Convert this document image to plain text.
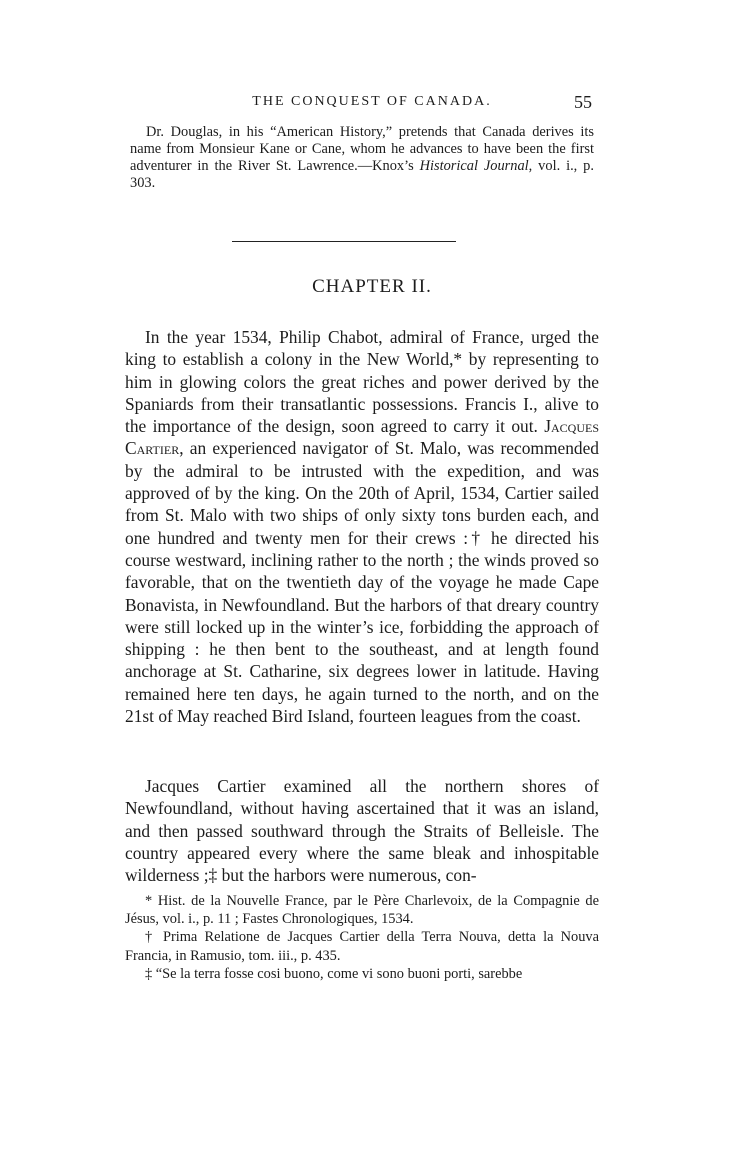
THE CONQUEST OF CANADA.	55

Dr. Douglas, in his “American History,” pretends that Canada derives its name from Monsieur Kane or Cane, whom he advances to have been the first adventurer in the River St. Lawrence.—Knox’s Historical Journal, vol. i., p. 303.

CHAPTER II.

In the year 1534, Philip Chabot, admiral of France, urged the king to establish a colony in the New World,* by representing to him in glowing colors the great riches and power derived by the Spaniards from their transatlantic possessions. Francis I., alive to the importance of the design, soon agreed to carry it out. Jacques Cartier, an experienced navigator of St. Malo, was recommended by the admiral to be intrusted with the expedition, and was approved of by the king. On the 20th of April, 1534, Cartier sailed from St. Malo with two ships of only sixty tons burden each, and one hundred and twenty men for their crews :† he directed his course westward, inclining rather to the north ; the winds proved so favorable, that on the twentieth day of the voyage he made Cape Bonavista, in Newfoundland. But the harbors of that dreary country were still locked up in the winter’s ice, forbidding the approach of shipping : he then bent to the southeast, and at length found anchorage at St. Catharine, six degrees lower in latitude. Having remained here ten days, he again turned to the north, and on the 21st of May reached Bird Island, fourteen leagues from the coast.

Jacques Cartier examined all the northern shores of Newfoundland, without having ascertained that it was an island, and then passed southward through the Straits of Belleisle. The country appeared every where the same bleak and inhospitable wilderness ;‡ but the harbors were numerous, con-

* Hist. de la Nouvelle France, par le Père Charlevoix, de la Compagnie de Jésus, vol. i., p. 11 ; Fastes Chronologiques, 1534.

† Prima Relatione de Jacques Cartier della Terra Nouva, detta la Nouva Francia, in Ramusio, tom. iii., p. 435.

‡ “Se la terra fosse cosi buono, come vi sono buoni porti, sarebbe
